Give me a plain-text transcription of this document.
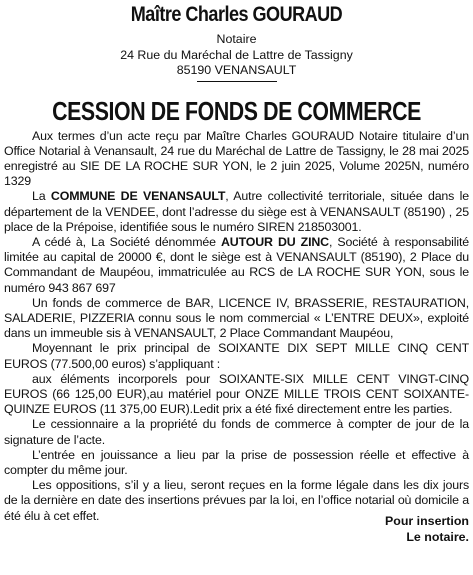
Maître Charles GOURAUD
Notaire
24 Rue du Maréchal de Lattre de Tassigny
85190 VENANSAULT
CESSION DE FONDS DE COMMERCE

Aux termes d’un acte reçu par Maître Charles GOURAUD Notaire titulaire d’un Office Notarial à Venansault, 24 rue du Maréchal de Lattre de Tassigny, le 28 mai 2025 enregistré au SIE DE LA ROCHE SUR YON, le 2 juin 2025, Volume 2025N, numéro 1329

La COMMUNE DE VENANSAULT, Autre collectivité territoriale, située dans le département de la VENDEE, dont l’adresse du siège est à VENANSAULT (85190) , 25 place de la Prépoise, identifiée sous le numéro SIREN 218503001.

A cédé à, La Société dénommée AUTOUR DU ZINC, Société à responsabilité limitée au capital de 20000 €, dont le siège est à VENANSAULT (85190), 2 Place du Commandant de Maupéou, immatriculée au RCS de LA ROCHE SUR YON, sous le numéro 943 867 697

Un fonds de commerce de BAR, LICENCE IV, BRASSERIE, RESTAURATION, SALADERIE, PIZZERIA connu sous le nom commercial « L’ENTRE DEUX», exploité dans un immeuble sis à VENANSAULT, 2 Place Commandant Maupéou,

Moyennant le prix principal de SOIXANTE DIX SEPT MILLE CINQ CENT EUROS (77.500,00 euros) s’appliquant :

aux éléments incorporels pour SOIXANTE-SIX MILLE CENT VINGT-CINQ EUROS (66 125,00 EUR),au matériel pour ONZE MILLE TROIS CENT SOIXANTE-QUINZE EUROS (11 375,00 EUR).Ledit prix a été fixé directement entre les parties.

Le cessionnaire a la propriété du fonds de commerce à compter de jour de la signature de l’acte.

L’entrée en jouissance a lieu par la prise de possession réelle et effective à compter du même jour.

Les oppositions, s’il y a lieu, seront reçues en la forme légale dans les dix jours de la dernière en date des insertions prévues par la loi, en l’office notarial où domicile a été élu à cet effet.	Pour insertion
Le notaire.
